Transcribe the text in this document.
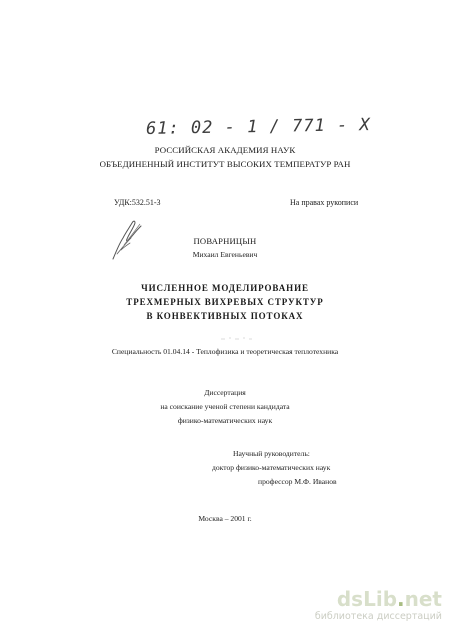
61: 02 - 1 / 771 - X
РОССИЙСКАЯ АКАДЕМИЯ НАУК
ОБЪЕДИНЕННЫЙ ИНСТИТУТ ВЫСОКИХ ТЕМПЕРАТУР РАН
УДК:532.51-3	На правах рукописи
ПОВАРНИЦЫН
Михаил Евгеньевич
ЧИСЛЕННОЕ МОДЕЛИРОВАНИЕ
ТРЕХМЕРНЫХ ВИХРЕВЫХ СТРУКТУР
В КОНВЕКТИВНЫХ ПОТОКАХ
Специальность 01.04.14 - Теплофизика и теоретическая теплотехника
Диссертация
на соискание ученой степени кандидата
физико-математических наук
Научный руководитель:
доктор физико-математических наук
профессор М.Ф. Иванов
Москва – 2001 г.
dsLib.net
библиотека диссертаций
